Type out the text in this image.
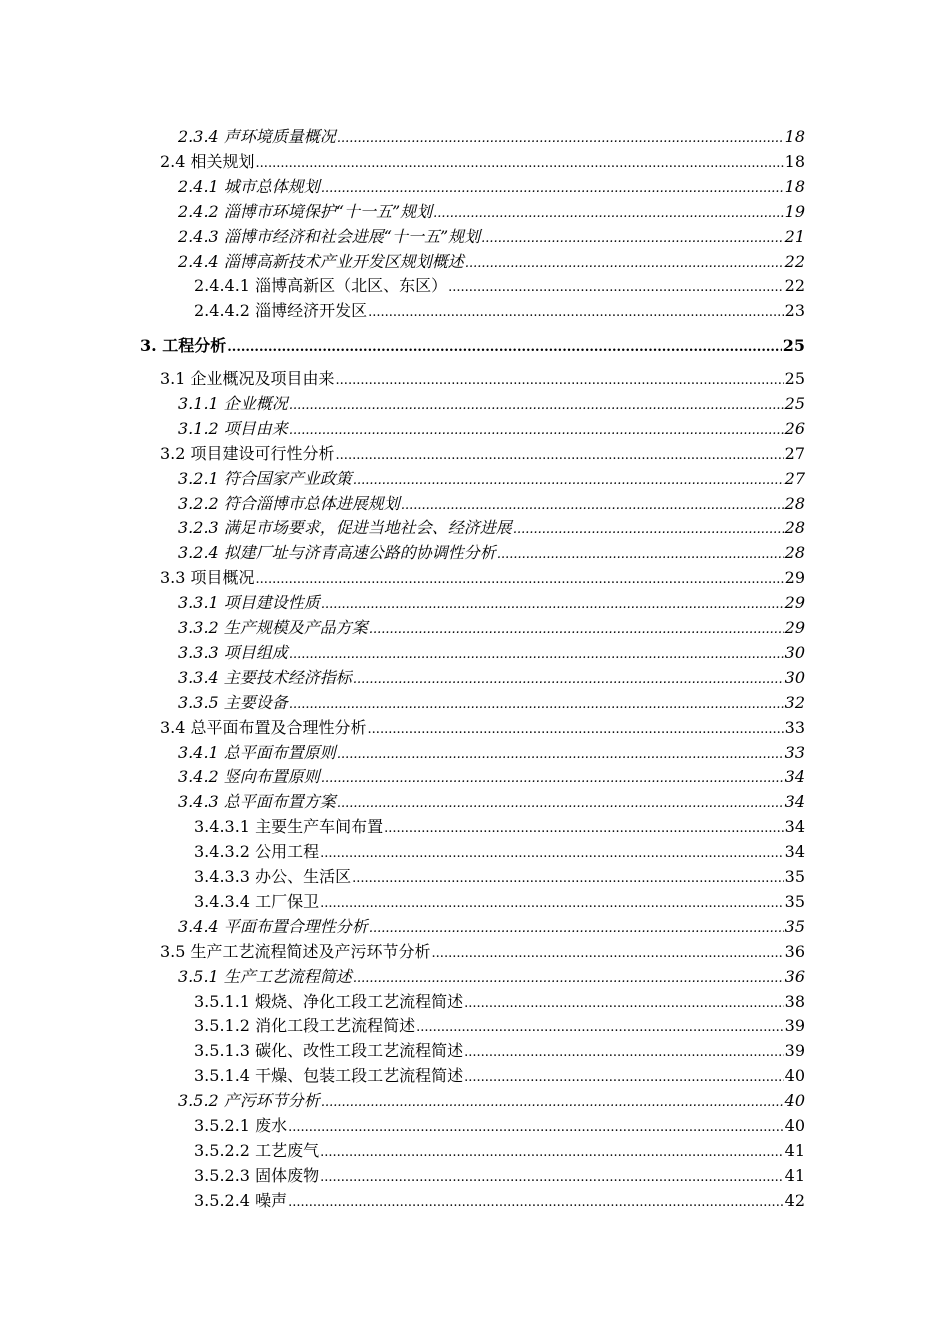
2.3.4 声环境质量概况 .....	18
2.4 相关规划 .....	18
2.4.1 城市总体规划 .....	18
2.4.2 淄博市环境保护“十一五”规划 .....	19
2.4.3 淄博市经济和社会进展“十一五”规划 .....	21
2.4.4 淄博高新技术产业开发区规划概述 .....	22
2.4.4.1 淄博高新区（北区、东区） .....	22
2.4.4.2 淄博经济开发区 .....	23
3. 工程分析 .....	25
3.1 企业概况及项目由来 .....	25
3.1.1 企业概况 .....	25
3.1.2 项目由来 .....	26
3.2 项目建设可行性分析 .....	27
3.2.1 符合国家产业政策 .....	27
3.2.2 符合淄博市总体进展规划 .....	28
3.2.3 满足市场要求，促进当地社会、经济进展 .....	28
3.2.4 拟建厂址与济青高速公路的协调性分析 .....	28
3.3 项目概况 .....	29
3.3.1 项目建设性质 .....	29
3.3.2 生产规模及产品方案 .....	29
3.3.3 项目组成 .....	30
3.3.4 主要技术经济指标 .....	30
3.3.5 主要设备 .....	32
3.4 总平面布置及合理性分析 .....	33
3.4.1 总平面布置原则 .....	33
3.4.2 竖向布置原则 .....	34
3.4.3 总平面布置方案 .....	34
3.4.3.1 主要生产车间布置 .....	34
3.4.3.2 公用工程 .....	34
3.4.3.3 办公、生活区 .....	35
3.4.3.4 工厂保卫 .....	35
3.4.4 平面布置合理性分析 .....	35
3.5 生产工艺流程简述及产污环节分析 .....	36
3.5.1 生产工艺流程简述 .....	36
3.5.1.1 煅烧、净化工段工艺流程简述 .....	38
3.5.1.2 消化工段工艺流程简述 .....	39
3.5.1.3 碳化、改性工段工艺流程简述 .....	39
3.5.1.4 干燥、包装工段工艺流程简述 .....	40
3.5.2 产污环节分析 .....	40
3.5.2.1 废水 .....	40
3.5.2.2 工艺废气 .....	41
3.5.2.3 固体废物 .....	41
3.5.2.4 噪声 .....	42
